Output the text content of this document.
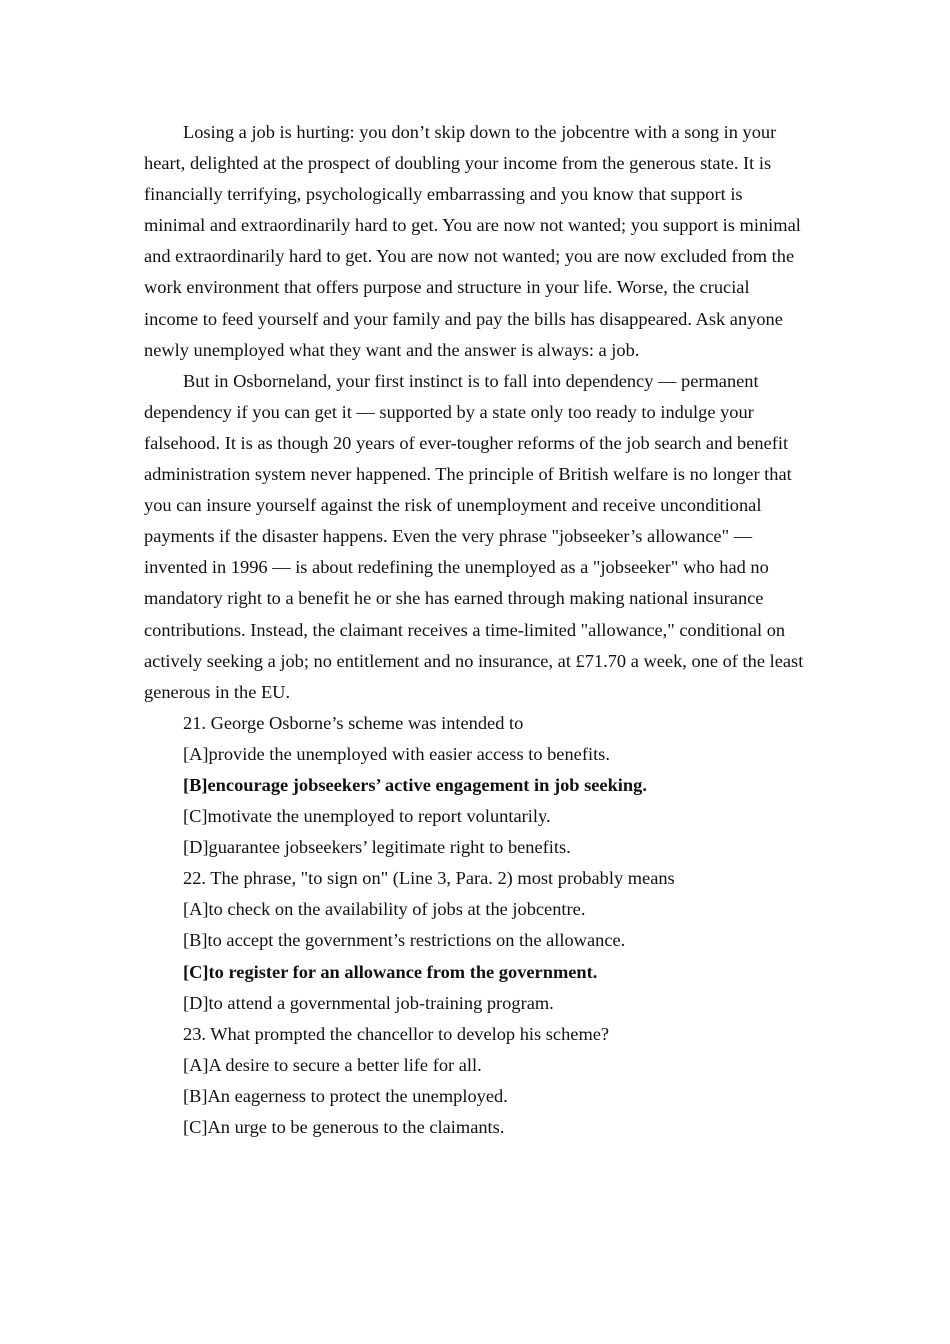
Losing a job is hurting: you don’t skip down to the jobcentre with a song in your heart, delighted at the prospect of doubling your income from the generous state. It is financially terrifying, psychologically embarrassing and you know that support is minimal and extraordinarily hard to get. You are now not wanted; you support is minimal and extraordinarily hard to get. You are now not wanted; you are now excluded from the work environment that offers purpose and structure in your life. Worse, the crucial income to feed yourself and your family and pay the bills has disappeared. Ask anyone newly unemployed what they want and the answer is always: a job.

But in Osborneland, your first instinct is to fall into dependency — permanent dependency if you can get it — supported by a state only too ready to indulge your falsehood. It is as though 20 years of ever-tougher reforms of the job search and benefit administration system never happened. The principle of British welfare is no longer that you can insure yourself against the risk of unemployment and receive unconditional payments if the disaster happens. Even the very phrase "jobseeker’s allowance" — invented in 1996 — is about redefining the unemployed as a "jobseeker" who had no mandatory right to a benefit he or she has earned through making national insurance contributions. Instead, the claimant receives a time-limited "allowance," conditional on actively seeking a job; no entitlement and no insurance, at £71.70 a week, one of the least generous in the EU.

21. George Osborne’s scheme was intended to

[A]provide the unemployed with easier access to benefits.

[B]encourage jobseekers’ active engagement in job seeking.

[C]motivate the unemployed to report voluntarily.

[D]guarantee jobseekers’ legitimate right to benefits.

22. The phrase, "to sign on" (Line 3, Para. 2) most probably means

[A]to check on the availability of jobs at the jobcentre.

[B]to accept the government’s restrictions on the allowance.

[C]to register for an allowance from the government.

[D]to attend a governmental job-training program.

23. What prompted the chancellor to develop his scheme?

[A]A desire to secure a better life for all.

[B]An eagerness to protect the unemployed.

[C]An urge to be generous to the claimants.
